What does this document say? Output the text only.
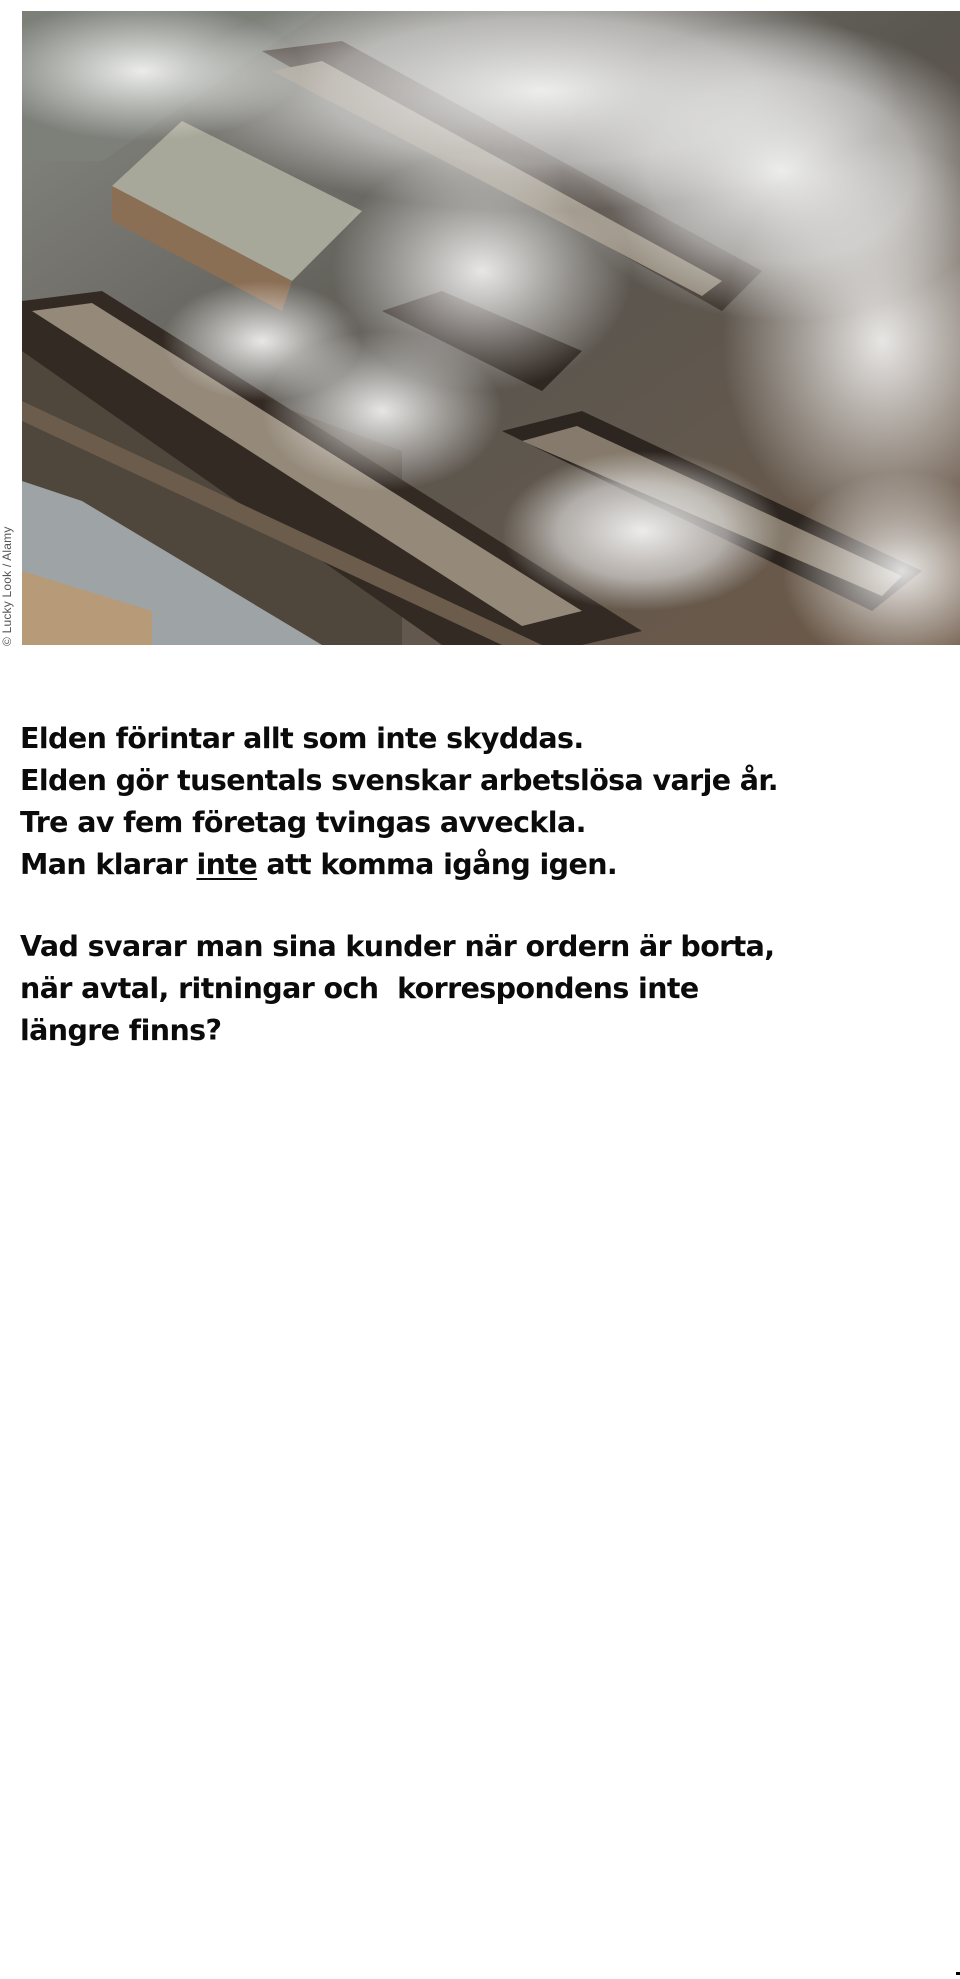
© Lucky Look / Alamy

Elden förintar allt som inte skyddas.

Elden gör tusentals svenskar arbetslösa varje år.

Tre av fem företag tvingas avveckla.

Man klarar inte att komma igång igen.

Vad svarar man sina kunder när ordern är borta,

när avtal, ritningar och  korrespondens inte

längre finns?
